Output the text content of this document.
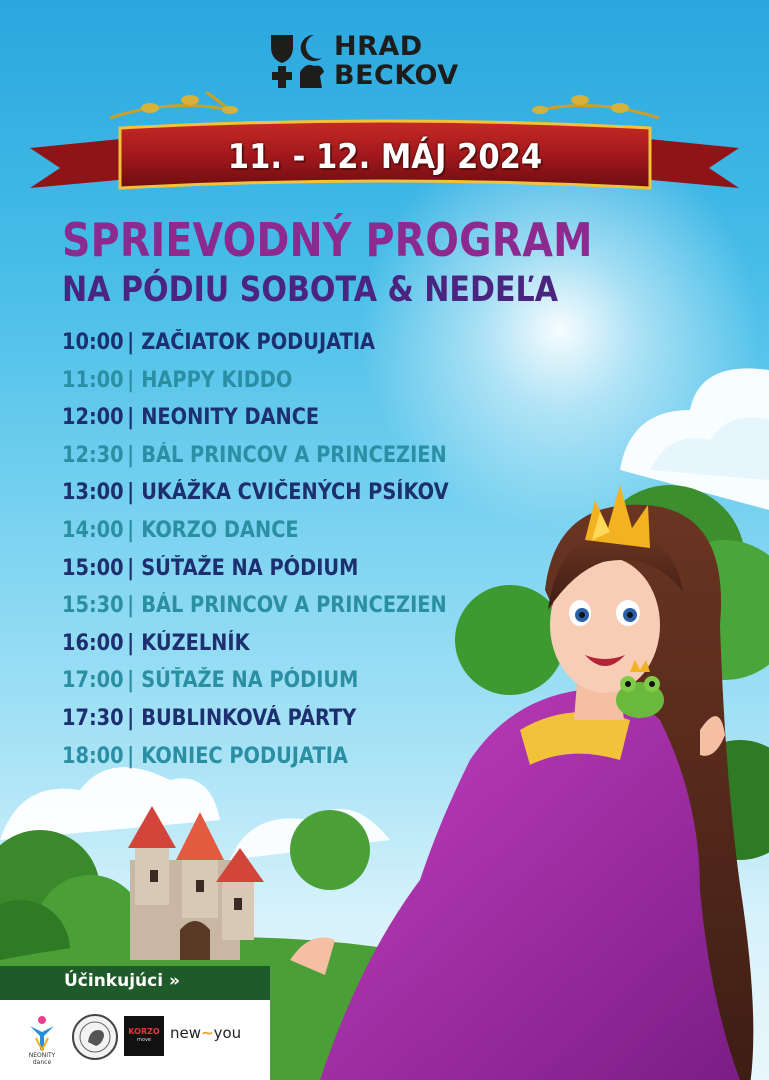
HRAD
BECKOV
11. - 12. MÁJ 2024
SPRIEVODNÝ PROGRAM
NA PÓDIU SOBOTA & NEDEĽA
10:00 | ZAČIATOK PODUJATIA
11:00 | HAPPY KIDDO
12:00 | NEONITY DANCE
12:30 | BÁL PRINCOV A PRINCEZIEN
13:00 | UKÁŽKA CVIČENÝCH PSÍKOV
14:00 | KORZO DANCE
15:00 | SÚŤAŽE NA PÓDIUM
15:30 | BÁL PRINCOV A PRINCEZIEN
16:00 | KÚZELNÍK
17:00 | SÚŤAŽE NA PÓDIUM
17:30 | BUBLINKOVÁ PÁRTY
18:00 | KONIEC PODUJATIA
Účinkujúci »
NEONITY
dance
KORZO
move	new~you
